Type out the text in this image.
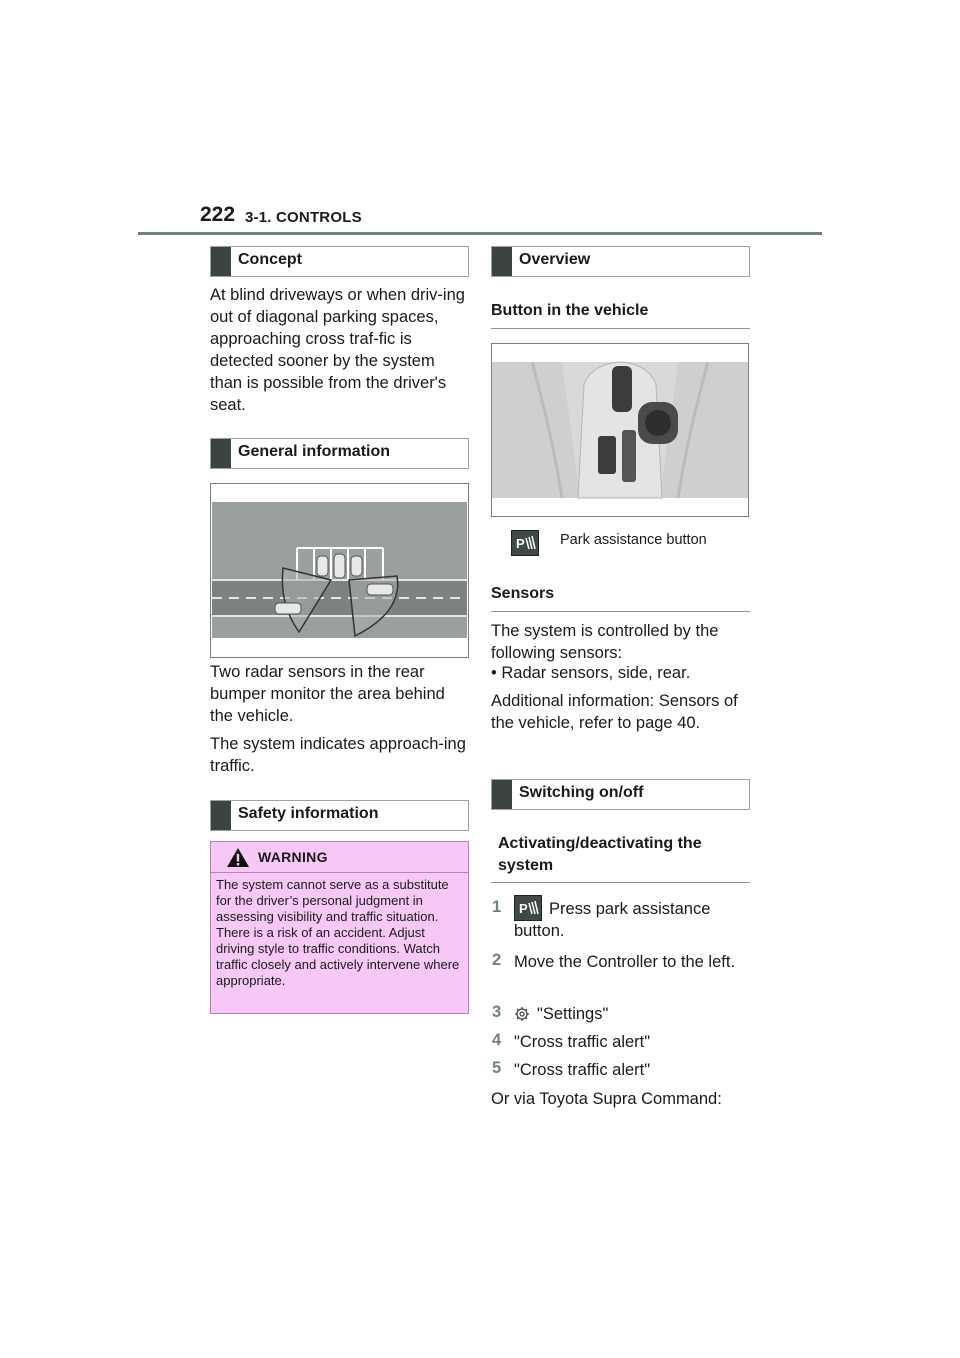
222 3-1. CONTROLS
Concept
At blind driveways or when driv-ing out of diagonal parking spaces, approaching cross traf-fic is detected sooner by the system than is possible from the driver's seat.
General information
Two radar sensors in the rear bumper monitor the area behind the vehicle.
The system indicates approach-ing traffic.
Safety information
WARNING
The system cannot serve as a substitute for the driver’s personal judgment in assessing visibility and traffic situation. There is a risk of an accident. Adjust driving style to traffic conditions. Watch traffic closely and actively intervene where appropriate.
Overview
Button in the vehicle
P Park assistance button
Sensors
The system is controlled by the following sensors:
• Radar sensors, side, rear.
Additional information: Sensors of the vehicle, refer to page 40.
Switching on/off
Activating/deactivating the system
1 P	Press park assistance button.
2 Move the Controller to the left.
3 "Settings"
4 "Cross traffic alert"
5 "Cross traffic alert"
Or via Toyota Supra Command:
